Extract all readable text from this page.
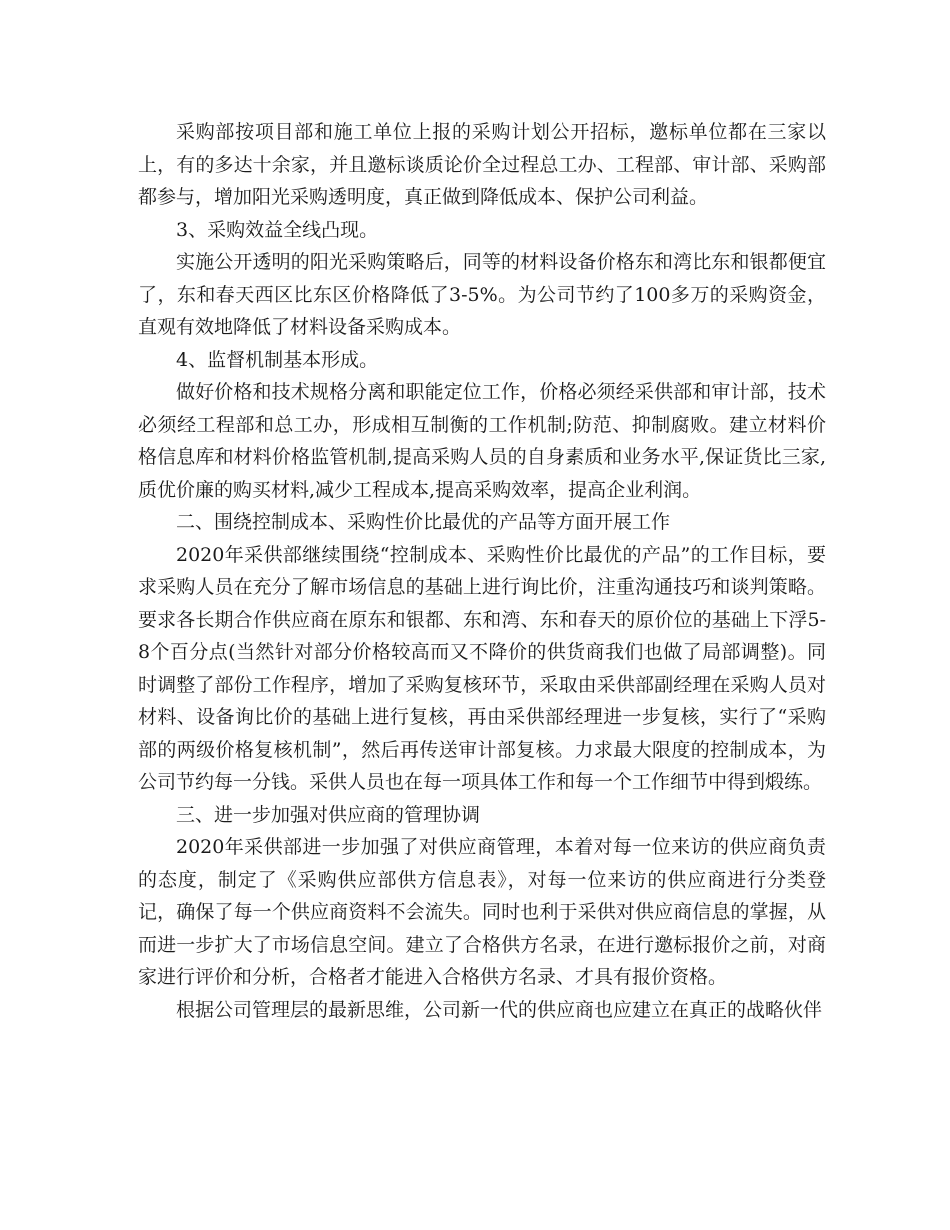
采购部按项目部和施工单位上报的采购计划公开招标，邀标单位都在三家以上，有的多达十余家，并且邀标谈质论价全过程总工办、工程部、审计部、采购部都参与，增加阳光采购透明度，真正做到降低成本、保护公司利益。

3、采购效益全线凸现。

实施公开透明的阳光采购策略后，同等的材料设备价格东和湾比东和银都便宜了，东和春天西区比东区价格降低了3-5%。为公司节约了100多万的采购资金，直观有效地降低了材料设备采购成本。

4、监督机制基本形成。

做好价格和技术规格分离和职能定位工作，价格必须经采供部和审计部，技术必须经工程部和总工办，形成相互制衡的工作机制;防范、抑制腐败。建立材料价格信息库和材料价格监管机制,提高采购人员的自身素质和业务水平,保证货比三家,质优价廉的购买材料,减少工程成本,提高采购效率，提高企业利润。

二、围绕控制成本、采购性价比最优的产品等方面开展工作

2020年采供部继续围绕“控制成本、采购性价比最优的产品”的工作目标，要求采购人员在充分了解市场信息的基础上进行询比价，注重沟通技巧和谈判策略。要求各长期合作供应商在原东和银都、东和湾、东和春天的原价位的基础上下浮5-8个百分点(当然针对部分价格较高而又不降价的供货商我们也做了局部调整)。同时调整了部份工作程序，增加了采购复核环节，采取由采供部副经理在采购人员对材料、设备询比价的基础上进行复核，再由采供部经理进一步复核，实行了“采购部的两级价格复核机制”，然后再传送审计部复核。力求最大限度的控制成本，为公司节约每一分钱。采供人员也在每一项具体工作和每一个工作细节中得到煅练。

三、进一步加强对供应商的管理协调

2020年采供部进一步加强了对供应商管理，本着对每一位来访的供应商负责的态度，制定了《采购供应部供方信息表》，对每一位来访的供应商进行分类登记，确保了每一个供应商资料不会流失。同时也利于采供对供应商信息的掌握，从而进一步扩大了市场信息空间。建立了合格供方名录，在进行邀标报价之前，对商家进行评价和分析，合格者才能进入合格供方名录、才具有报价资格。

根据公司管理层的最新思维，公司新一代的供应商也应建立在真正的战略伙伴
